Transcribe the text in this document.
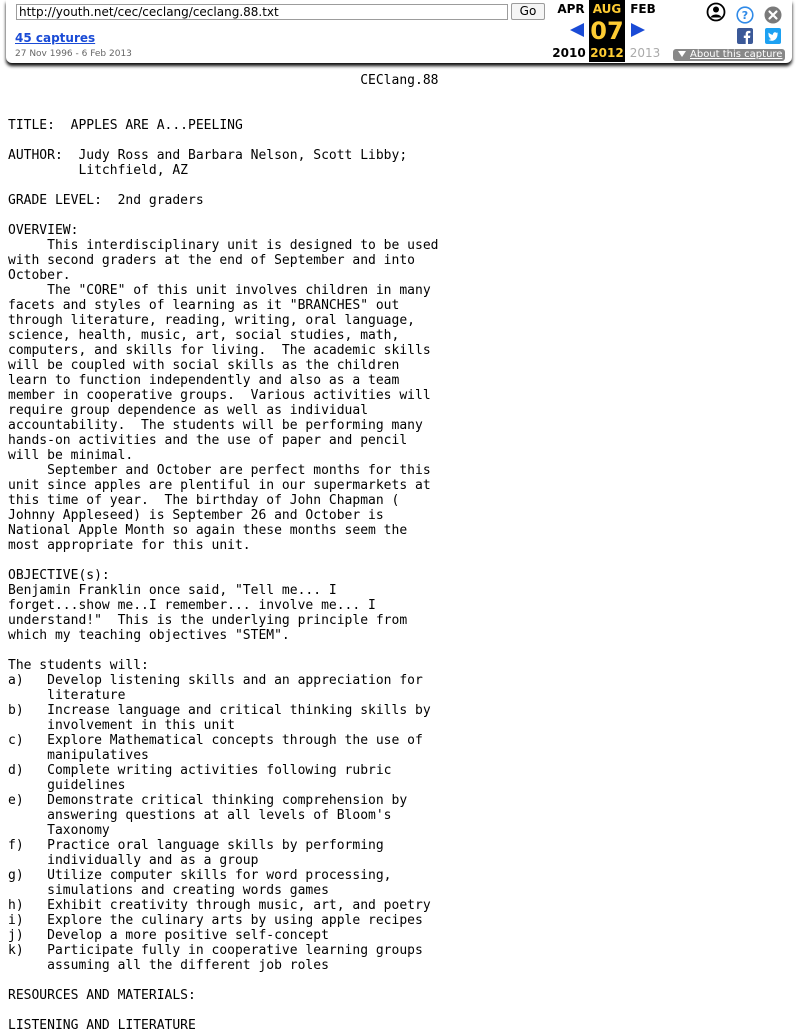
http://youth.net/cec/ceclang/ceclang.88.txt
Go
45 captures
27 Nov 1996 - 6 Feb 2013
APR	FEB
AUG
07
2012
2010	2013
?
About this capture
CEClang.88

TITLE:  APPLES ARE A...PEELING

AUTHOR:  Judy Ross and Barbara Nelson, Scott Libby;
Litchfield, AZ

GRADE LEVEL:  2nd graders

OVERVIEW:
This interdisciplinary unit is designed to be used
with second graders at the end of September and into
October.
The "CORE" of this unit involves children in many
facets and styles of learning as it "BRANCHES" out
through literature, reading, writing, oral language,
science, health, music, art, social studies, math,
computers, and skills for living.  The academic skills
will be coupled with social skills as the children
learn to function independently and also as a team
member in cooperative groups.  Various activities will
require group dependence as well as individual
accountability.  The students will be performing many
hands-on activities and the use of paper and pencil
will be minimal.
September and October are perfect months for this
unit since apples are plentiful in our supermarkets at
this time of year.  The birthday of John Chapman (
Johnny Appleseed) is September 26 and October is
National Apple Month so again these months seem the
most appropriate for this unit.

OBJECTIVE(s):
Benjamin Franklin once said, "Tell me... I
forget...show me..I remember... involve me... I
understand!"  This is the underlying principle from
which my teaching objectives "STEM".

The students will:
a)   Develop listening skills and an appreciation for
literature
b)   Increase language and critical thinking skills by
involvement in this unit
c)   Explore Mathematical concepts through the use of
manipulatives
d)   Complete writing activities following rubric
guidelines
e)   Demonstrate critical thinking comprehension by
answering questions at all levels of Bloom's
Taxonomy
f)   Practice oral language skills by performing
individually and as a group
g)   Utilize computer skills for word processing,
simulations and creating words games
h)   Exhibit creativity through music, art, and poetry
i)   Explore the culinary arts by using apple recipes
j)   Develop a more positive self-concept
k)   Participate fully in cooperative learning groups
assuming all the different job roles

RESOURCES AND MATERIALS:

LISTENING AND LITERATURE
